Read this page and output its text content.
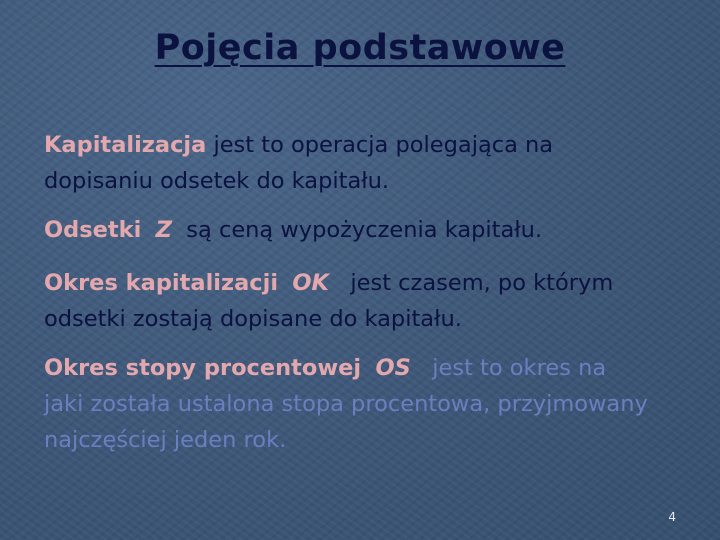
Pojęcia podstawowe

Kapitalizacja jest to operacja polegająca na
dopisaniu odsetek do kapitału.

Odsetki Z są ceną wypożyczenia kapitału.

Okres kapitalizacji OK jest czasem, po którym
odsetki zostają dopisane do kapitału.

Okres stopy procentowej OS jest to okres na
jaki została ustalona stopa procentowa, przyjmowany
najczęściej jeden rok.

4
